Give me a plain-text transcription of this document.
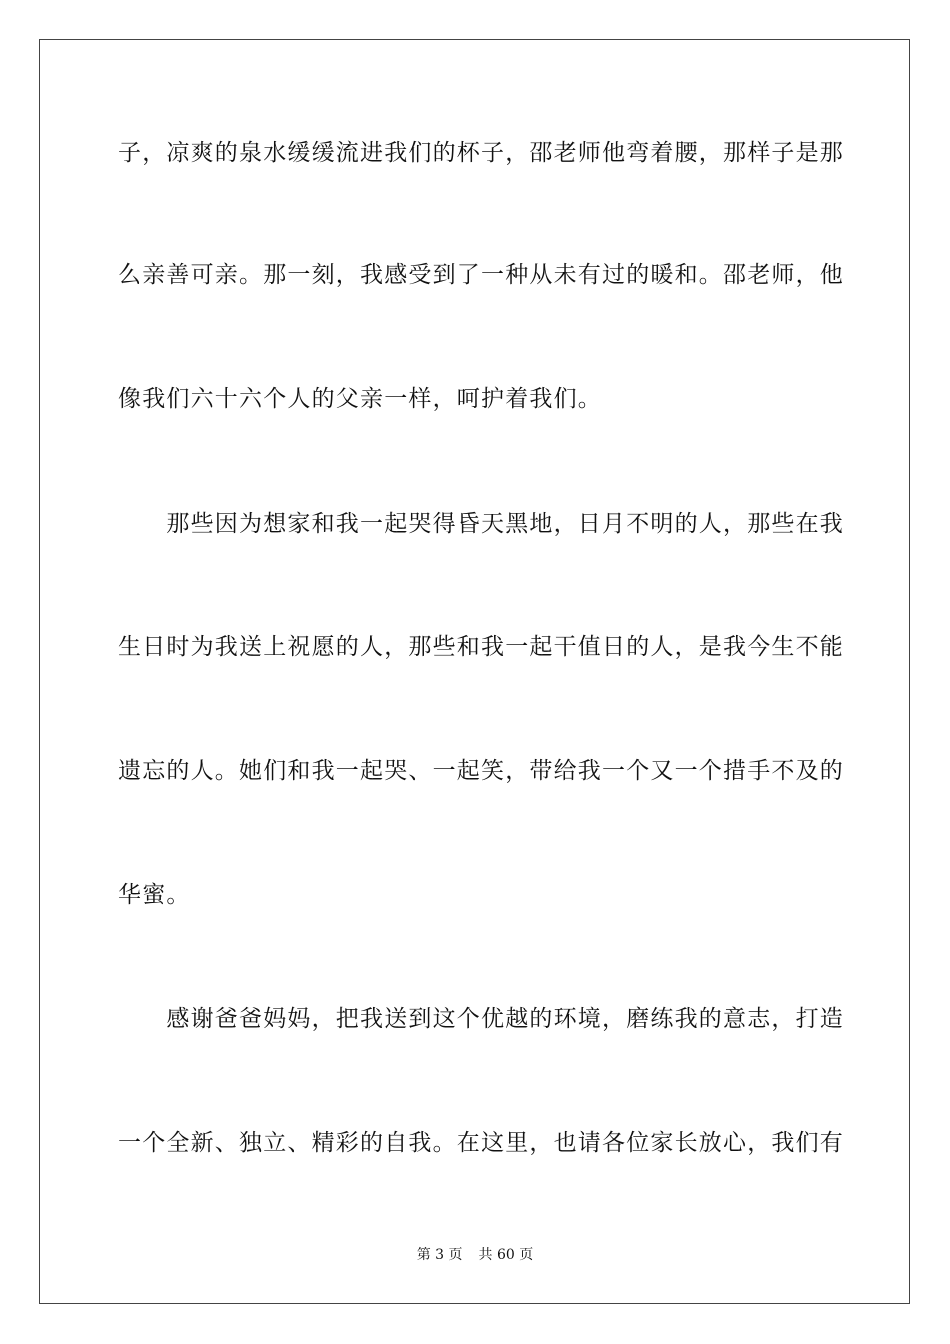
子，凉爽的泉水缓缓流进我们的杯子，邵老师他弯着腰，那样子是那
么亲善可亲。那一刻，我感受到了一种从未有过的暖和。邵老师，他
像我们六十六个人的父亲一样，呵护着我们。
　　那些因为想家和我一起哭得昏天黑地，日月不明的人，那些在我
生日时为我送上祝愿的人，那些和我一起干值日的人，是我今生不能
遗忘的人。她们和我一起哭、一起笑，带给我一个又一个措手不及的
华蜜。
　　感谢爸爸妈妈，把我送到这个优越的环境，磨练我的意志，打造
一个全新、独立、精彩的自我。在这里，也请各位家长放心，我们有
第 3 页 共 60 页
